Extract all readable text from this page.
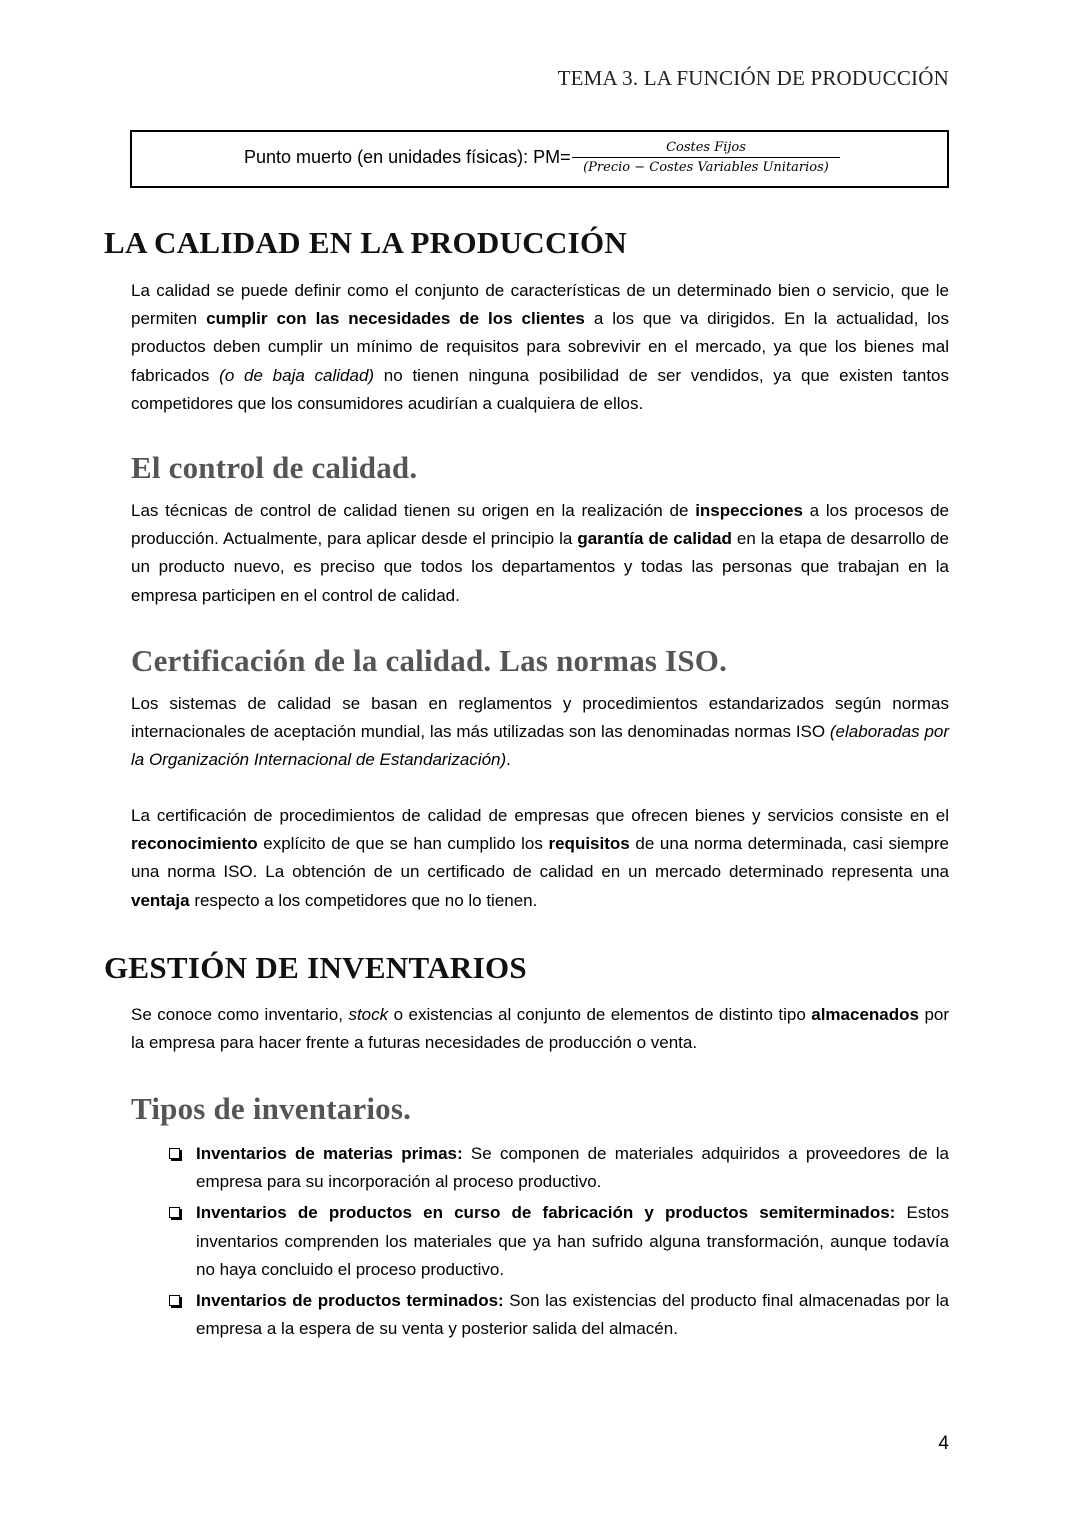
TEMA 3. LA FUNCIÓN DE PRODUCCIÓN
Punto muerto (en unidades físicas): PM=	Costes Fijos
(Precio − Costes Variables Unitarios)
LA CALIDAD EN LA PRODUCCIÓN

La calidad se puede definir como el conjunto de características de un determinado bien o servicio, que le permiten cumplir con las necesidades de los clientes a los que va dirigidos. En la actualidad, los productos deben cumplir un mínimo de requisitos para sobrevivir en el mercado, ya que los bienes mal fabricados (o de baja calidad) no tienen ninguna posibilidad de ser vendidos, ya que existen tantos competidores que los consumidores acudirían a cualquiera de ellos.

El control de calidad.

Las técnicas de control de calidad tienen su origen en la realización de inspecciones a los procesos de producción. Actualmente, para aplicar desde el principio la garantía de calidad en la etapa de desarrollo de un producto nuevo, es preciso que todos los departamentos y todas las personas que trabajan en la empresa participen en el control de calidad.

Certificación de la calidad. Las normas ISO.

Los sistemas de calidad se basan en reglamentos y procedimientos estandarizados según normas internacionales de aceptación mundial, las más utilizadas son las denominadas normas ISO (elaboradas por la Organización Internacional de Estandarización).

La certificación de procedimientos de calidad de empresas que ofrecen bienes y servicios consiste en el reconocimiento explícito de que se han cumplido los requisitos de una norma determinada, casi siempre una norma ISO. La obtención de un certificado de calidad en un mercado determinado representa una ventaja respecto a los competidores que no lo tienen.

GESTIÓN DE INVENTARIOS

Se conoce como inventario, stock o existencias al conjunto de elementos de distinto tipo almacenados por la empresa para hacer frente a futuras necesidades de producción o venta.

Tipos de inventarios.
Inventarios de materias primas: Se componen de materiales adquiridos a proveedores de la empresa para su incorporación al proceso productivo.
Inventarios de productos en curso de fabricación y productos semiterminados: Estos inventarios comprenden los materiales que ya han sufrido alguna transformación, aunque todavía no haya concluido el proceso productivo.
Inventarios de productos terminados: Son las existencias del producto final almacenadas por la empresa a la espera de su venta y posterior salida del almacén.
4
